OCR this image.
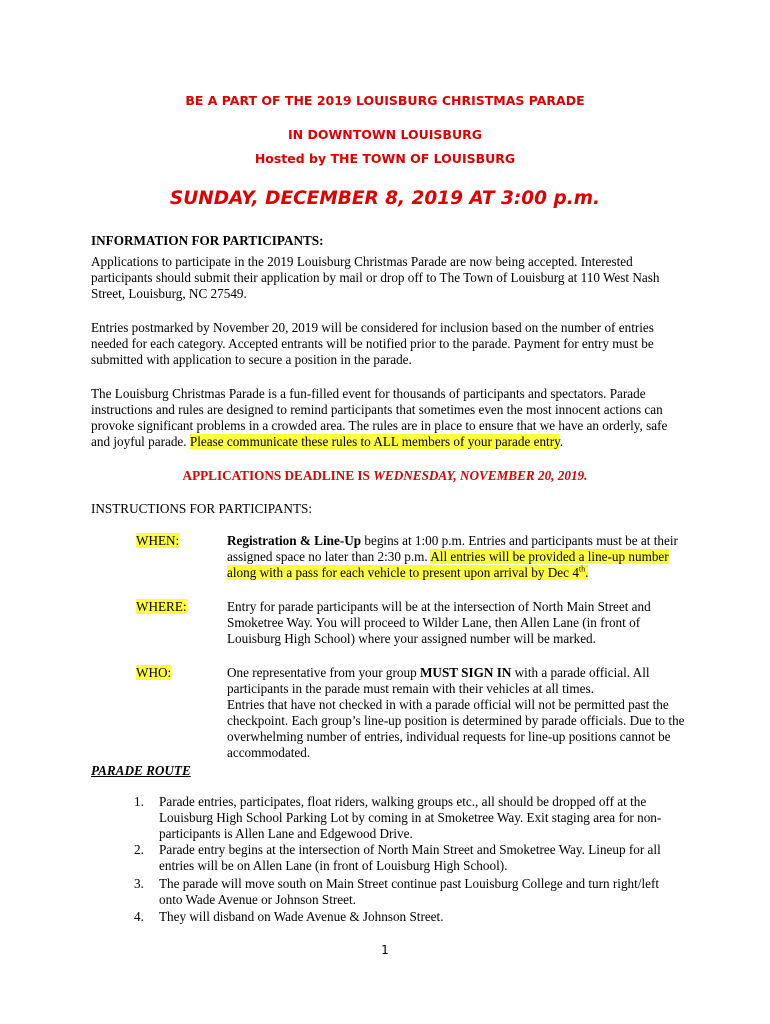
BE A PART OF THE 2019 LOUISBURG CHRISTMAS PARADE
IN DOWNTOWN LOUISBURG
Hosted by THE TOWN OF LOUISBURG
SUNDAY, DECEMBER 8, 2019 AT 3:00 p.m.
INFORMATION FOR PARTICIPANTS:

Applications to participate in the 2019 Louisburg Christmas Parade are now being accepted. Interested participants should submit their application by mail or drop off to The Town of Louisburg at 110 West Nash Street, Louisburg, NC 27549.

Entries postmarked by November 20, 2019 will be considered for inclusion based on the number of entries needed for each category. Accepted entrants will be notified prior to the parade. Payment for entry must be submitted with application to secure a position in the parade.

The Louisburg Christmas Parade is a fun-filled event for thousands of participants and spectators. Parade instructions and rules are designed to remind participants that sometimes even the most innocent actions can provoke significant problems in a crowded area. The rules are in place to ensure that we have an orderly, safe and joyful parade. Please communicate these rules to ALL members of your parade entry.

APPLICATIONS DEADLINE IS WEDNESDAY, NOVEMBER 20, 2019.
INSTRUCTIONS FOR PARTICIPANTS:
WHEN:	Registration & Line-Up begins at 1:00 p.m. Entries and participants must be at their assigned space no later than 2:30 p.m. All entries will be provided a line-up number along with a pass for each vehicle to present upon arrival by Dec 4th.
WHERE:	Entry for parade participants will be at the intersection of North Main Street and Smoketree Way. You will proceed to Wilder Lane, then Allen Lane (in front of Louisburg High School) where your assigned number will be marked.
WHO:	One representative from your group MUST SIGN IN with a parade official. All participants in the parade must remain with their vehicles at all times.
Entries that have not checked in with a parade official will not be permitted past the checkpoint. Each group’s line-up position is determined by parade officials. Due to the overwhelming number of entries, individual requests for line-up positions cannot be accommodated.
PARADE ROUTE
1. Parade entries, participates, float riders, walking groups etc., all should be dropped off at the Louisburg High School Parking Lot by coming in at Smoketree Way. Exit staging area for non-participants is Allen Lane and Edgewood Drive.
2. Parade entry begins at the intersection of North Main Street and Smoketree Way. Lineup for all entries will be on Allen Lane (in front of Louisburg High School).
3. The parade will move south on Main Street continue past Louisburg College and turn right/left onto Wade Avenue or Johnson Street.
4. They will disband on Wade Avenue & Johnson Street.
1
